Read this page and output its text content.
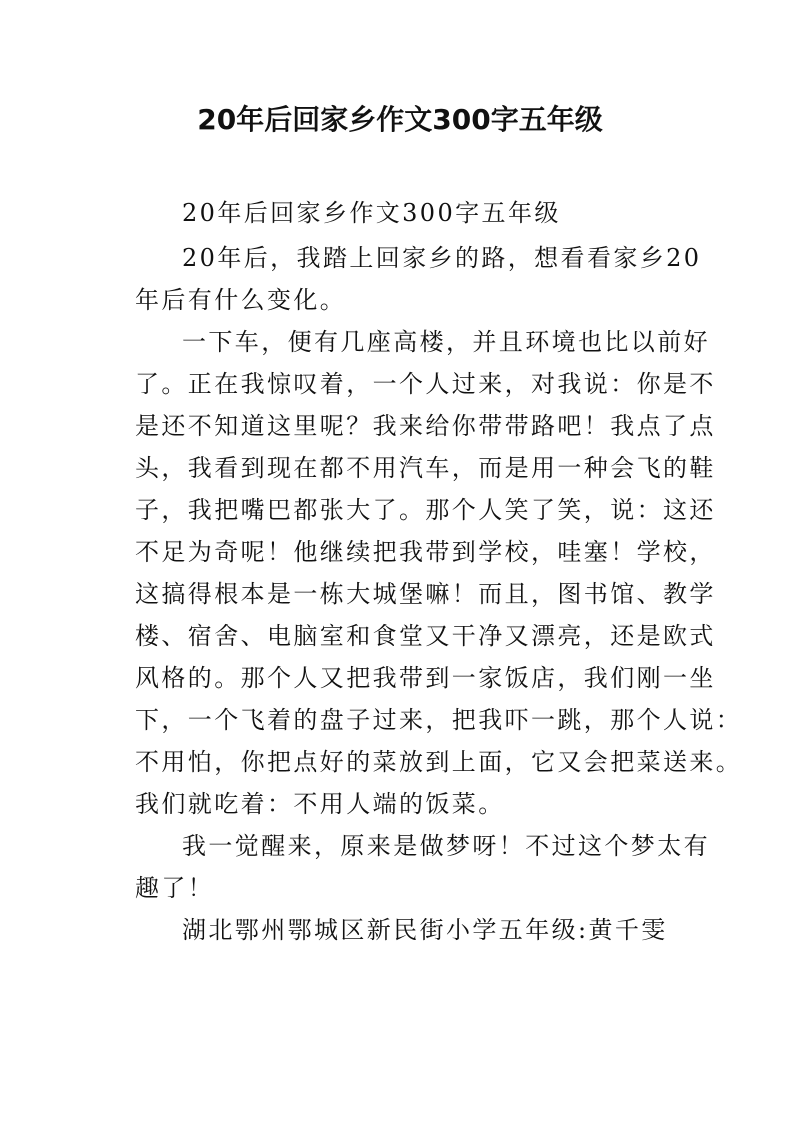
20年后回家乡作文300字五年级
20年后回家乡作文300字五年级
20年后，我踏上回家乡的路，想看看家乡20
年后有什么变化。
一下车，便有几座高楼，并且环境也比以前好
了。正在我惊叹着，一个人过来，对我说：你是不
是还不知道这里呢？我来给你带带路吧！我点了点
头，我看到现在都不用汽车，而是用一种会飞的鞋
子，我把嘴巴都张大了。那个人笑了笑，说：这还
不足为奇呢！他继续把我带到学校，哇塞！学校，
这搞得根本是一栋大城堡嘛！而且，图书馆、教学
楼、宿舍、电脑室和食堂又干净又漂亮，还是欧式
风格的。那个人又把我带到一家饭店，我们刚一坐
下，一个飞着的盘子过来，把我吓一跳，那个人说：
不用怕，你把点好的菜放到上面，它又会把菜送来。
我们就吃着：不用人端的饭菜。
我一觉醒来，原来是做梦呀！不过这个梦太有
趣了！
湖北鄂州鄂城区新民街小学五年级:黄千雯
